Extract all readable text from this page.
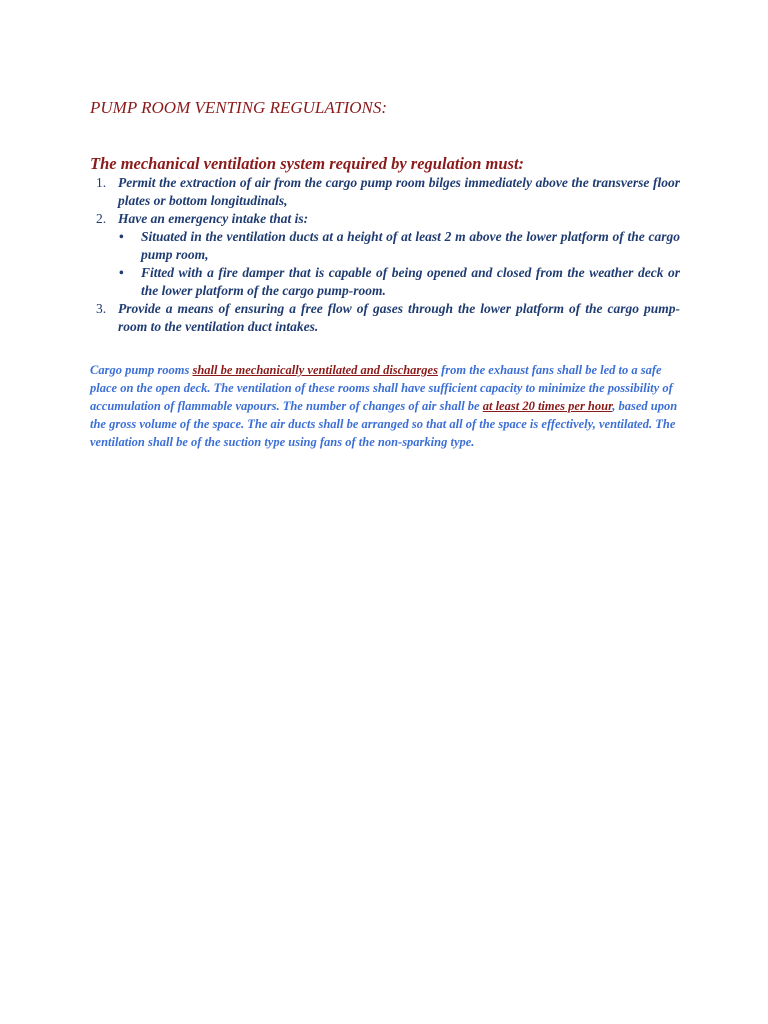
PUMP ROOM VENTING REGULATIONS:
The mechanical ventilation system required by regulation must:
1. Permit the extraction of air from the cargo pump room bilges immediately above the transverse floor plates or bottom longitudinals,
2. Have an emergency intake that is:
• Situated in the ventilation ducts at a height of at least 2 m above the lower platform of the cargo pump room,
• Fitted with a fire damper that is capable of being opened and closed from the weather deck or the lower platform of the cargo pump-room.
3. Provide a means of ensuring a free flow of gases through the lower platform of the cargo pump-room to the ventilation duct intakes.

Cargo pump rooms shall be mechanically ventilated and discharges from the exhaust fans shall be led to a safe place on the open deck. The ventilation of these rooms shall have sufficient capacity to minimize the possibility of accumulation of flammable vapours. The number of changes of air shall be at least 20 times per hour, based upon the gross volume of the space. The air ducts shall be arranged so that all of the space is effectively, ventilated. The ventilation shall be of the suction type using fans of the non-sparking type.
